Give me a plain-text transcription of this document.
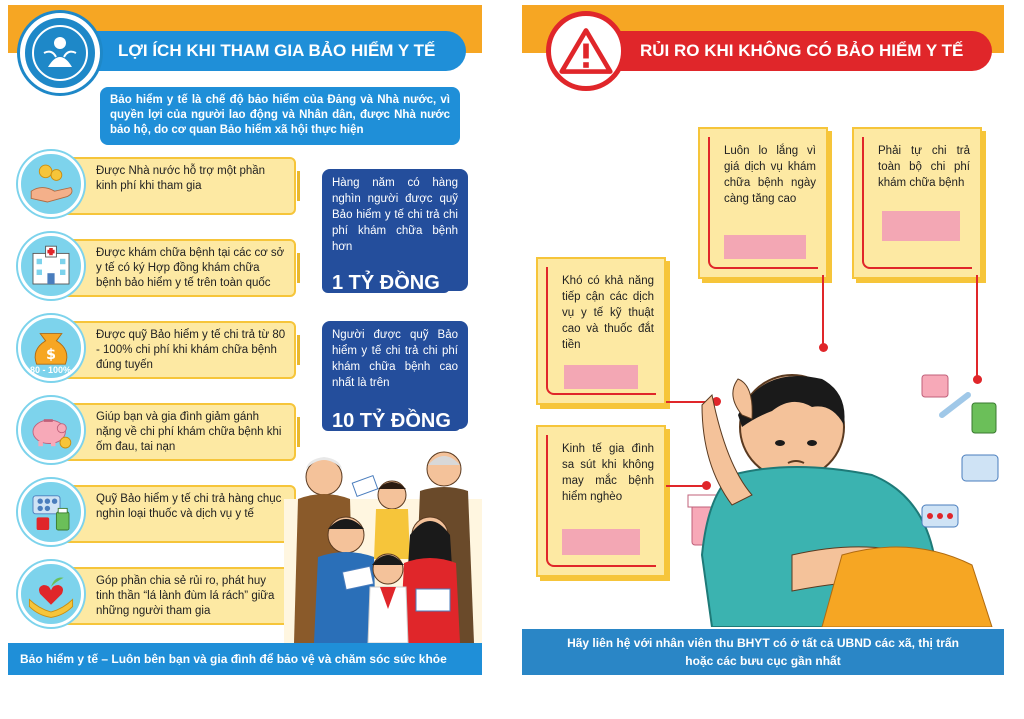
LỢI ÍCH KHI THAM GIA BẢO HIỂM Y TẾ
Bảo hiểm y tế là chế độ bảo hiểm của Đảng và Nhà nước, vì quyền lợi của người lao động và Nhân dân, được Nhà nước bảo hộ, do cơ quan Bảo hiểm xã hội thực hiện
Được Nhà nước hỗ trợ một phần kinh phí khi tham gia
Được khám chữa bệnh tại các cơ sở y tế có ký Hợp đồng khám chữa bệnh bảo hiểm y tế trên toàn quốc
$
80 - 100%
Được quỹ Bảo hiểm y tế chi trả từ 80 - 100% chi phí khi khám chữa bệnh đúng tuyến
Giúp bạn và gia đình giảm gánh nặng về chi phí khám chữa bệnh khi ốm đau, tai nạn
Quỹ Bảo hiểm y tế chi trả hàng chục nghìn loại thuốc và dịch vụ y tế
Góp phần chia sẻ rủi ro, phát huy tinh thần “lá lành đùm lá rách” giữa những người tham gia
Hàng năm có hàng nghìn người được quỹ Bảo hiểm y tế chi trả chi phí khám chữa bệnh hơn
1 TỶ ĐỒNG
Người được quỹ Bảo hiểm y tế chi trả chi phí khám chữa bệnh cao nhất là trên
10 TỶ ĐỒNG
Bảo hiểm y tế – Luôn bên bạn và gia đình để bảo vệ và chăm sóc sức khỏe
RỦI RO KHI KHÔNG CÓ BẢO HIỂM Y TẾ
Luôn lo lắng vì giá dịch vụ khám chữa bệnh ngày càng tăng cao
Phải tự chi trả toàn bộ chi phí khám chữa bệnh
Khó có khả năng tiếp cận các dịch vụ y tế kỹ thuật cao và thuốc đắt tiền
Kinh tế gia đình sa sút khi không may mắc bệnh hiểm nghèo
Hãy liên hệ với nhân viên thu BHYT có ở tất cả UBND các xã, thị trấn
hoặc các bưu cục gần nhất
